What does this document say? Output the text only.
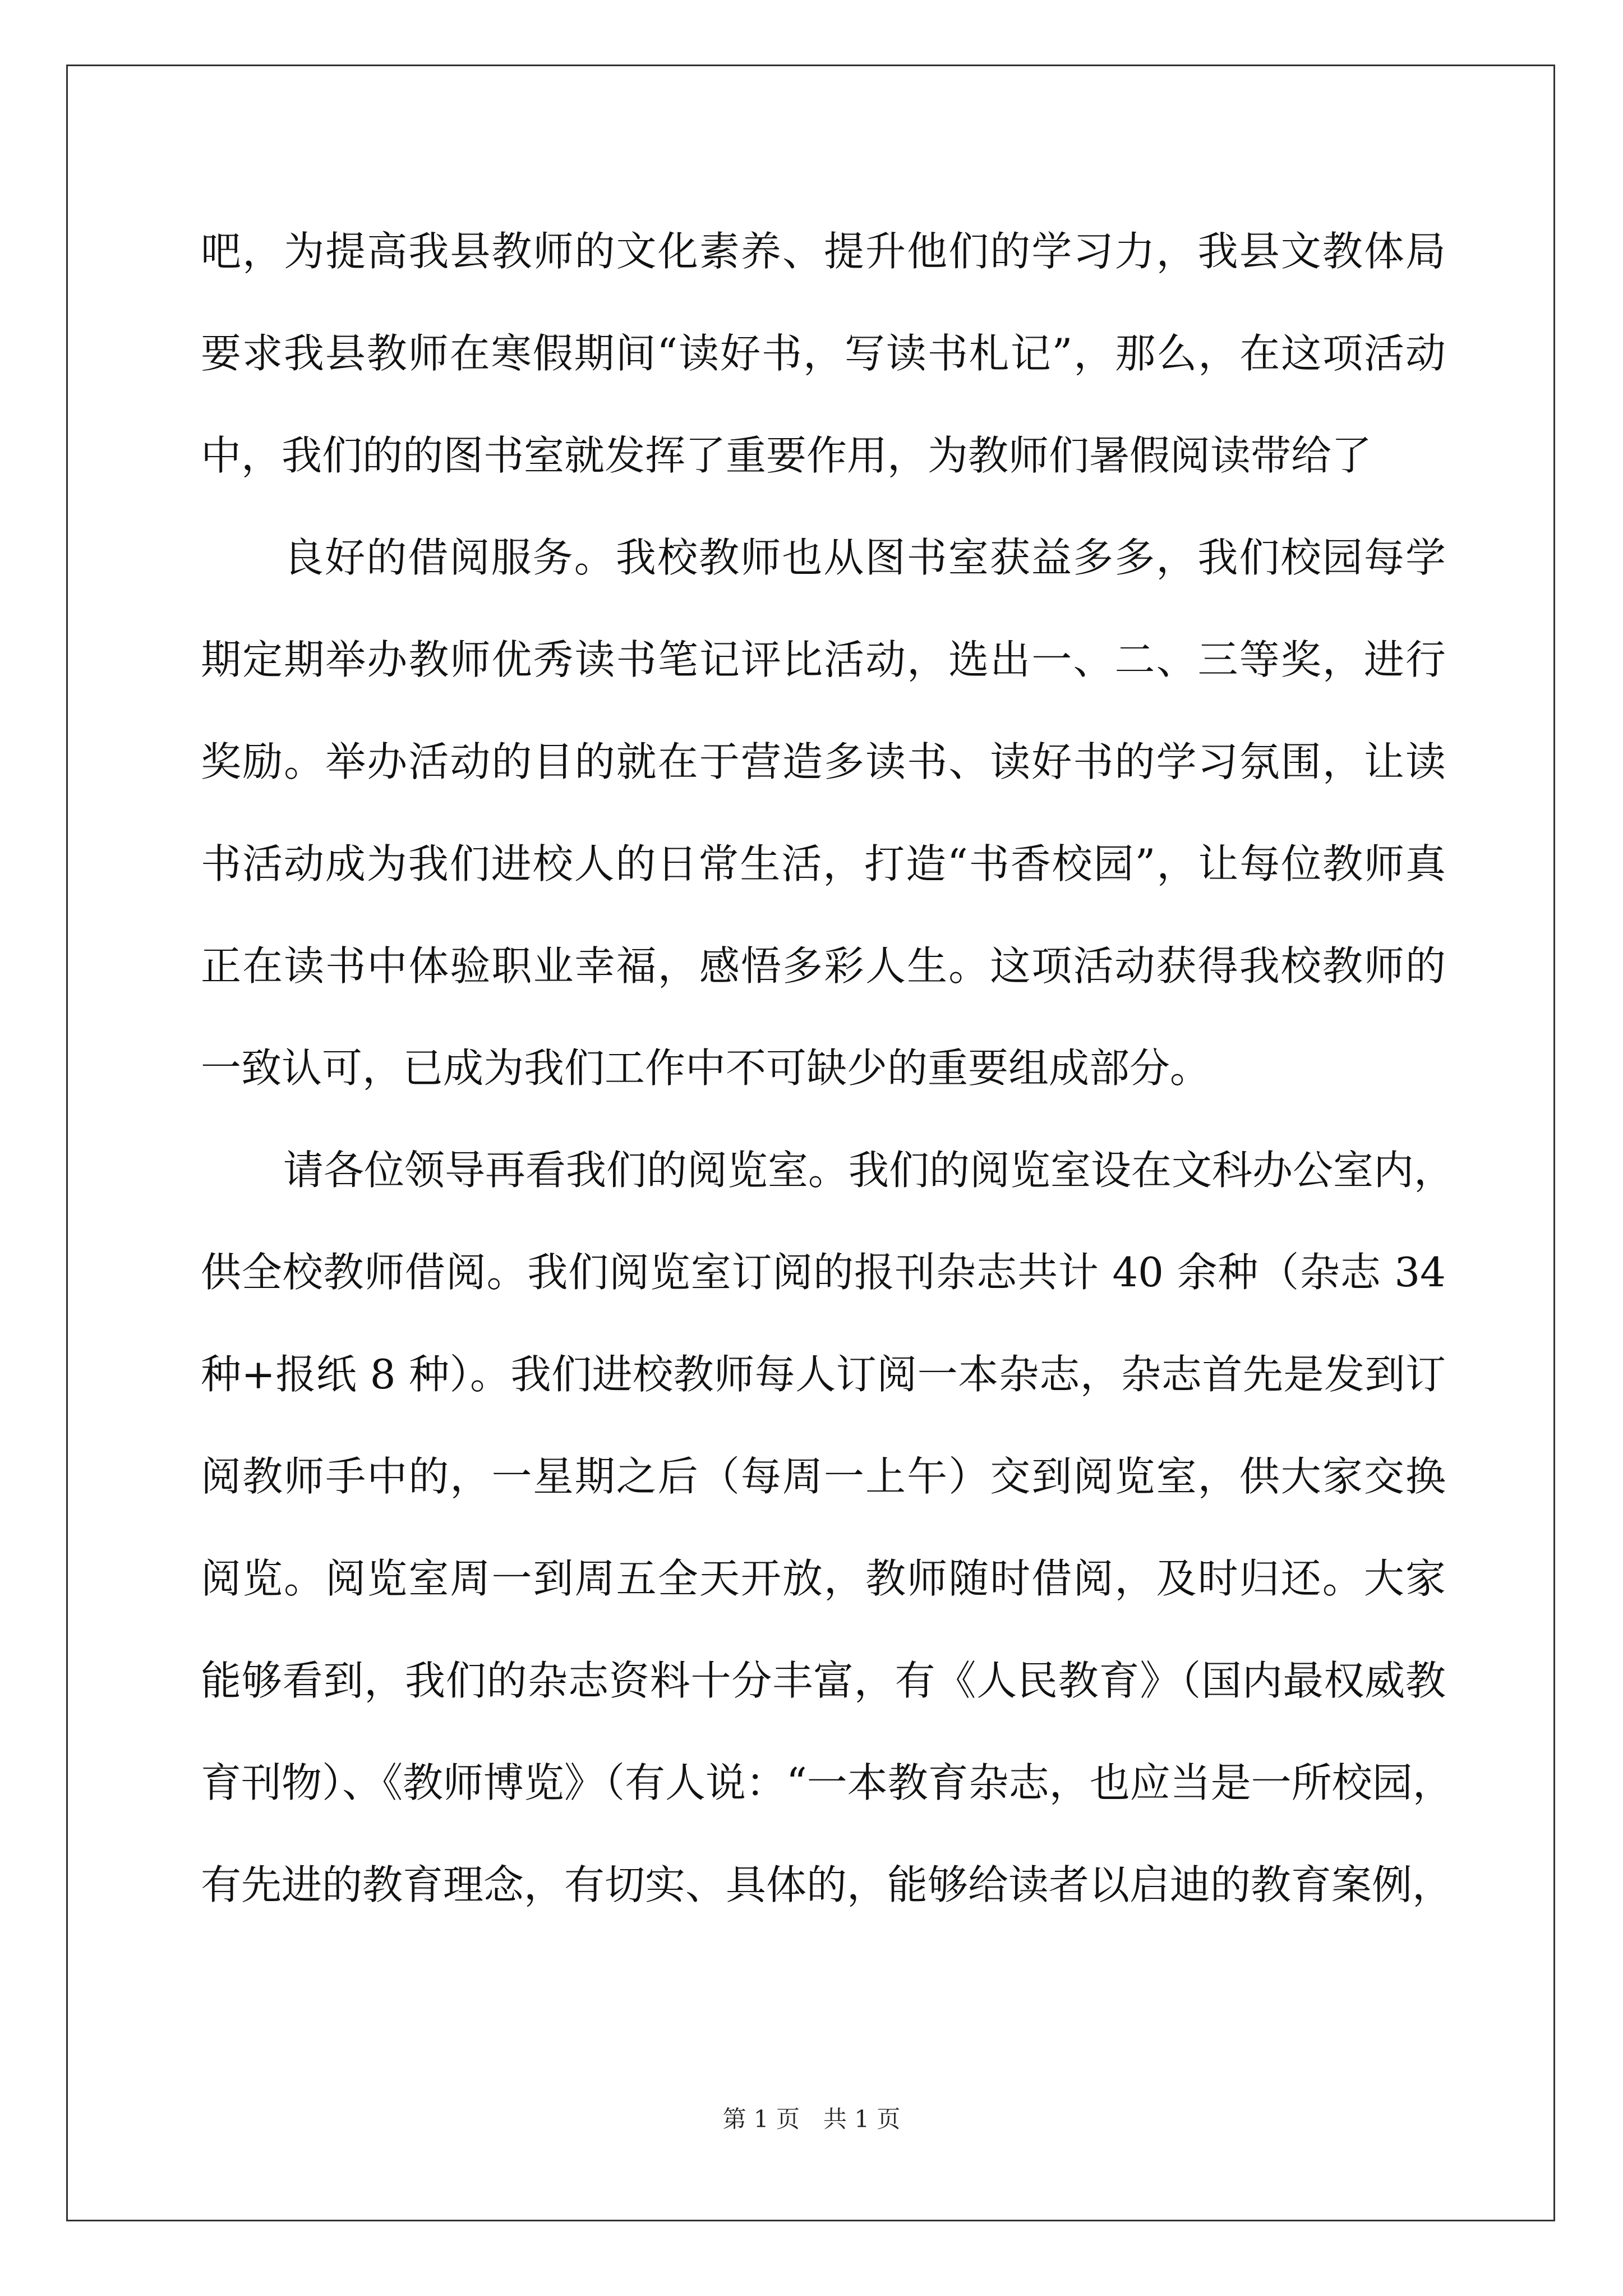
吧，为提高我县教师的文化素养、提升他们的学习力，我县文教体局
要求我县教师在寒假期间“读好书，写读书札记”，那么，在这项活动
中，我们的的图书室就发挥了重要作用，为教师们暑假阅读带给了
良好的借阅服务。我校教师也从图书室获益多多，我们校园每学
期定期举办教师优秀读书笔记评比活动，选出一、二、三等奖，进行
奖励。举办活动的目的就在于营造多读书、读好书的学习氛围，让读
书活动成为我们进校人的日常生活，打造“书香校园”，让每位教师真
正在读书中体验职业幸福，感悟多彩人生。这项活动获得我校教师的
一致认可，已成为我们工作中不可缺少的重要组成部分。
请各位领导再看我们的阅览室。我们的阅览室设在文科办公室内，
供全校教师借阅。我们阅览室订阅的报刊杂志共计 40 余种（杂志 34
种+报纸 8 种）。我们进校教师每人订阅一本杂志，杂志首先是发到订
阅教师手中的，一星期之后（每周一上午）交到阅览室，供大家交换
阅览。阅览室周一到周五全天开放，教师随时借阅，及时归还。大家
能够看到，我们的杂志资料十分丰富，有《人民教育》（国内最权威教
育刊物）、《教师博览》（有人说：“一本教育杂志，也应当是一所校园，
有先进的教育理念，有切实、具体的，能够给读者以启迪的教育案例，
第 1 页　共 1 页
